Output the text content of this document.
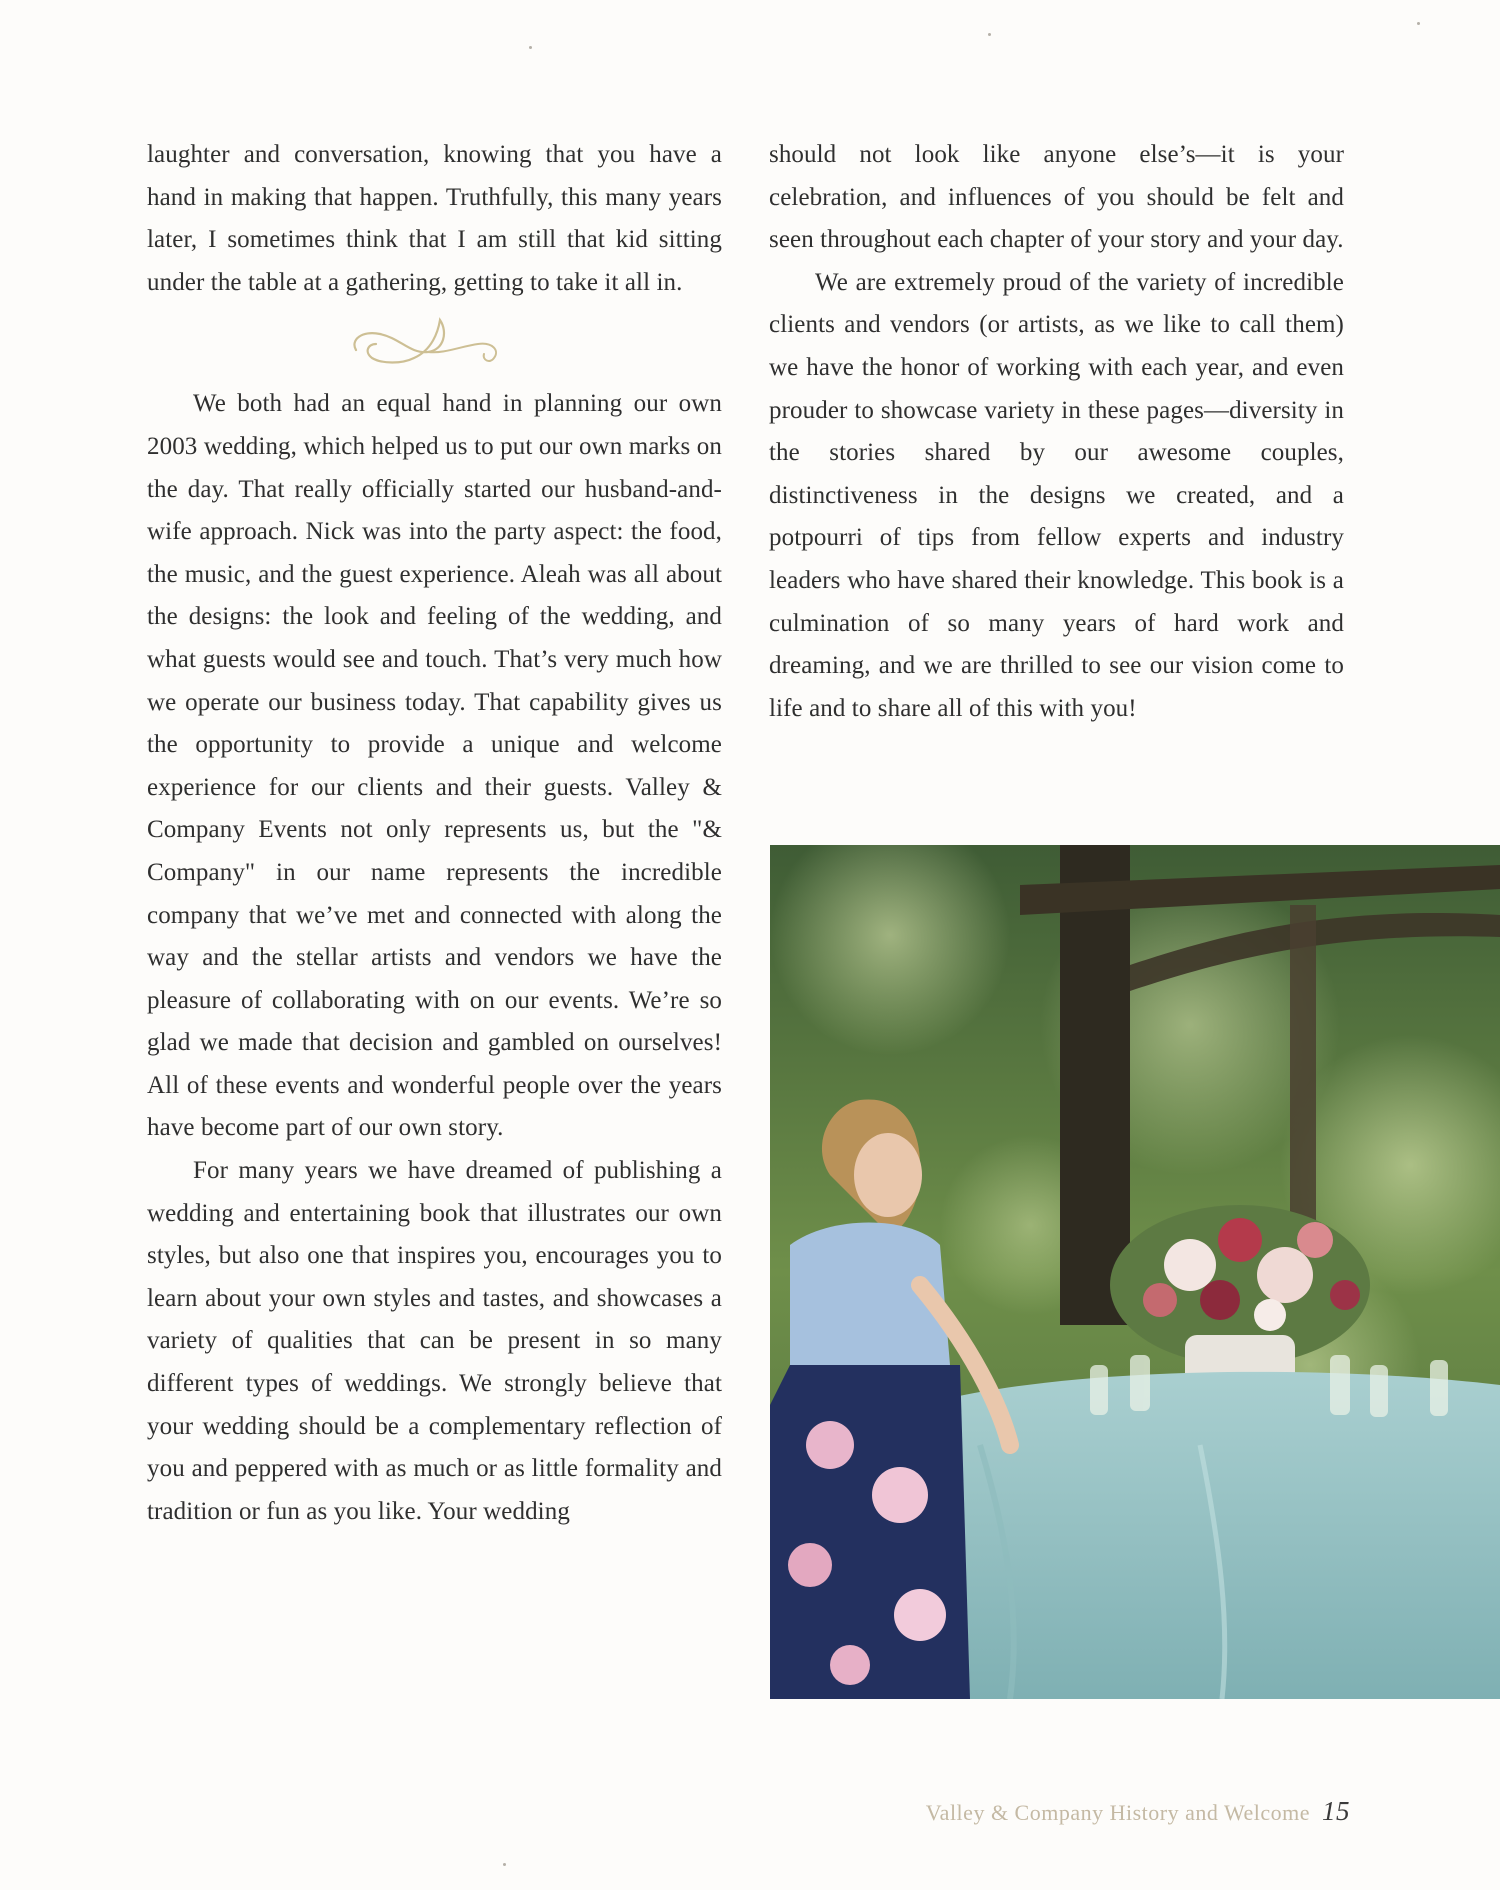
laughter and conversation, knowing that you have a hand in making that happen. Truthfully, this many years later, I sometimes think that I am still that kid sitting under the table at a gathering, getting to take it all in.

We both had an equal hand in planning our own 2003 wedding, which helped us to put our own marks on the day. That really officially started our husband-and-wife approach. Nick was into the party aspect: the food, the music, and the guest experience. Aleah was all about the designs: the look and feeling of the wedding, and what guests would see and touch. That’s very much how we operate our business today. That capability gives us the opportunity to provide a unique and welcome experience for our clients and their guests. Valley & Company Events not only represents us, but the "& Company" in our name represents the incredible company that we’ve met and connected with along the way and the stellar artists and vendors we have the pleasure of collaborating with on our events. We’re so glad we made that decision and gambled on ourselves! All of these events and wonderful people over the years have become part of our own story.

For many years we have dreamed of publishing a wedding and entertaining book that illustrates our own styles, but also one that inspires you, encourages you to learn about your own styles and tastes, and showcases a variety of qualities that can be present in so many different types of weddings. We strongly believe that your wedding should be a complementary reflection of you and peppered with as much or as little formality and tradition or fun as you like. Your wedding

should not look like anyone else’s—it is your celebration, and influences of you should be felt and seen throughout each chapter of your story and your day.

We are extremely proud of the variety of incredible clients and vendors (or artists, as we like to call them) we have the honor of working with each year, and even prouder to showcase variety in these pages—diversity in the stories shared by our awesome couples, distinctiveness in the designs we created, and a potpourri of tips from fellow experts and industry leaders who have shared their knowledge. This book is a culmination of so many years of hard work and dreaming, and we are thrilled to see our vision come to life and to share all of this with you!

Valley & Company History and Welcome 15
